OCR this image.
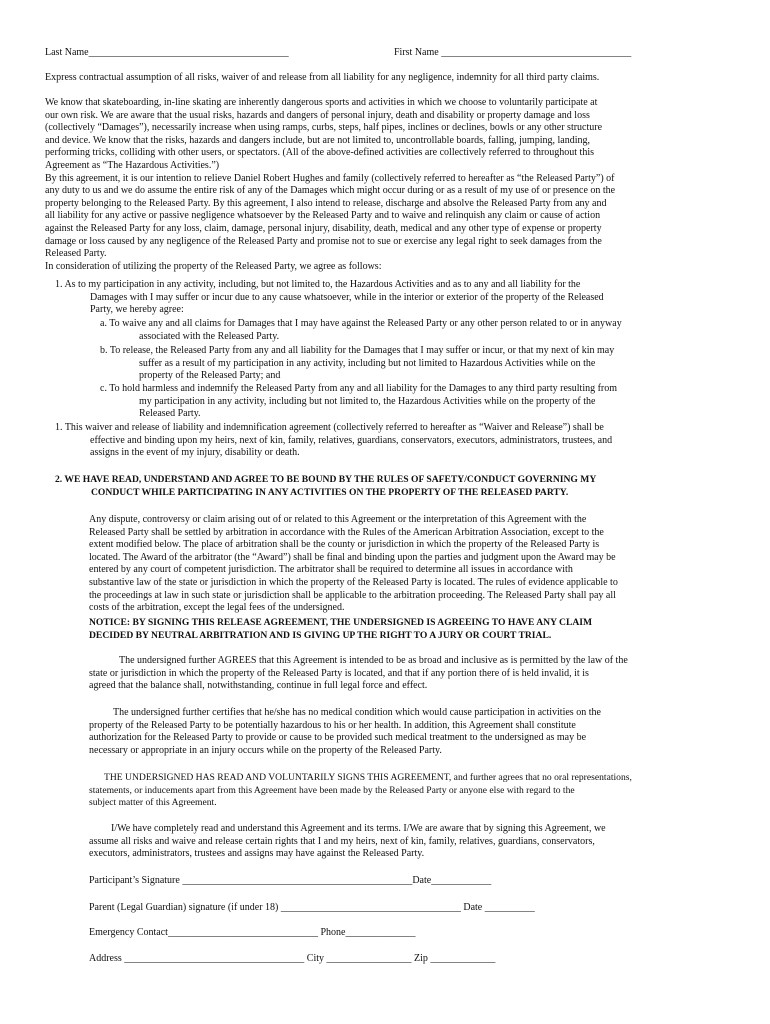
Last Name________________________________________	First Name ______________________________________
Express contractual assumption of all risks, waiver of and release from all liability for any negligence, indemnity for all third party claims.
We know that skateboarding, in-line skating are inherently dangerous sports and activities in which we choose to voluntarily participate at
our own risk. We are aware that the usual risks, hazards and dangers of personal injury, death and disability or property damage and loss
(collectively “Damages”), necessarily increase when using ramps, curbs, steps, half pipes, inclines or declines, bowls or any other structure
and device. We know that the risks, hazards and dangers include, but are not limited to, uncontrollable boards, falling, jumping, landing,
performing tricks, colliding with other users, or spectators. (All of the above-defined activities are collectively referred to throughout this
Agreement as “The Hazardous Activities.”)
By this agreement, it is our intention to relieve Daniel Robert Hughes and family (collectively referred to hereafter as “the Released Party”) of
any duty to us and we do assume the entire risk of any of the Damages which might occur during or as a result of my use of or presence on the
property belonging to the Released Party. By this agreement, I also intend to release, discharge and absolve the Released Party from any and
all liability for any active or passive negligence whatsoever by the Released Party and to waive and relinquish any claim or cause of action
against the Released Party for any loss, claim, damage, personal injury, disability, death, medical and any other type of expense or property
damage or loss caused by any negligence of the Released Party and promise not to sue or exercise any legal right to seek damages from the
Released Party.
In consideration of utilizing the property of the Released Party, we agree as follows:
1. As to my participation in any activity, including, but not limited to, the Hazardous Activities and as to any and all liability for the
Damages with I may suffer or incur due to any cause whatsoever, while in the interior or exterior of the property of the Released
Party, we hereby agree:
a. To waive any and all claims for Damages that I may have against the Released Party or any other person related to or in anyway
associated with the Released Party.
b. To release, the Released Party from any and all liability for the Damages that I may suffer or incur, or that my next of kin may
suffer as a result of my participation in any activity, including but not limited to Hazardous Activities while on the
property of the Released Party; and
c. To hold harmless and indemnify the Released Party from any and all liability for the Damages to any third party resulting from
my participation in any activity, including but not limited to, the Hazardous Activities while on the property of the
Released Party.
1. This waiver and release of liability and indemnification agreement (collectively referred to hereafter as “Waiver and Release”) shall be
effective and binding upon my heirs, next of kin, family, relatives, guardians, conservators, executors, administrators, trustees, and
assigns in the event of my injury, disability or death.
2. WE HAVE READ, UNDERSTAND AND AGREE TO BE BOUND BY THE RULES OF SAFETY/CONDUCT GOVERNING MY
CONDUCT WHILE PARTICIPATING IN ANY ACTIVITIES ON THE PROPERTY OF THE RELEASED PARTY.
Any dispute, controversy or claim arising out of or related to this Agreement or the interpretation of this Agreement with the
Released Party shall be settled by arbitration in accordance with the Rules of the American Arbitration Association, except to the
extent modified below. The place of arbitration shall be the county or jurisdiction in which the property of the Released Party is
located. The Award of the arbitrator (the “Award”) shall be final and binding upon the parties and judgment upon the Award may be
entered by any court of competent jurisdiction. The arbitrator shall be required to determine all issues in accordance with
substantive law of the state or jurisdiction in which the property of the Released Party is located. The rules of evidence applicable to
the proceedings at law in such state or jurisdiction shall be applicable to the arbitration proceeding. The Released Party shall pay all
costs of the arbitration, except the legal fees of the undersigned.
NOTICE: BY SIGNING THIS RELEASE AGREEMENT, THE UNDERSIGNED IS AGREEING TO HAVE ANY CLAIM
DECIDED BY NEUTRAL ARBITRATION AND IS GIVING UP THE RIGHT TO A JURY OR COURT TRIAL.
The undersigned further AGREES that this Agreement is intended to be as broad and inclusive as is permitted by the law of the
state or jurisdiction in which the property of the Released Party is located, and that if any portion there of is held invalid, it is
agreed that the balance shall, notwithstanding, continue in full legal force and effect.
The undersigned further certifies that he/she has no medical condition which would cause participation in activities on the
property of the Released Party to be potentially hazardous to his or her health. In addition, this Agreement shall constitute
authorization for the Released Party to provide or cause to be provided such medical treatment to the undersigned as may be
necessary or appropriate in an injury occurs while on the property of the Released Party.
THE UNDERSIGNED HAS READ AND VOLUNTARILY SIGNS THIS AGREEMENT, and further agrees that no oral representations,
statements, or inducements apart from this Agreement have been made by the Released Party or anyone else with regard to the
subject matter of this Agreement.
I/We have completely read and understand this Agreement and its terms. I/We are aware that by signing this Agreement, we
assume all risks and waive and release certain rights that I and my heirs, next of kin, family, relatives, guardians, conservators,
executors, administrators, trustees and assigns may have against the Released Party.
Participant’s Signature ______________________________________________Date____________
Parent (Legal Guardian) signature (if under 18) ____________________________________ Date __________
Emergency Contact______________________________ Phone______________
Address ____________________________________ City _________________ Zip _____________
